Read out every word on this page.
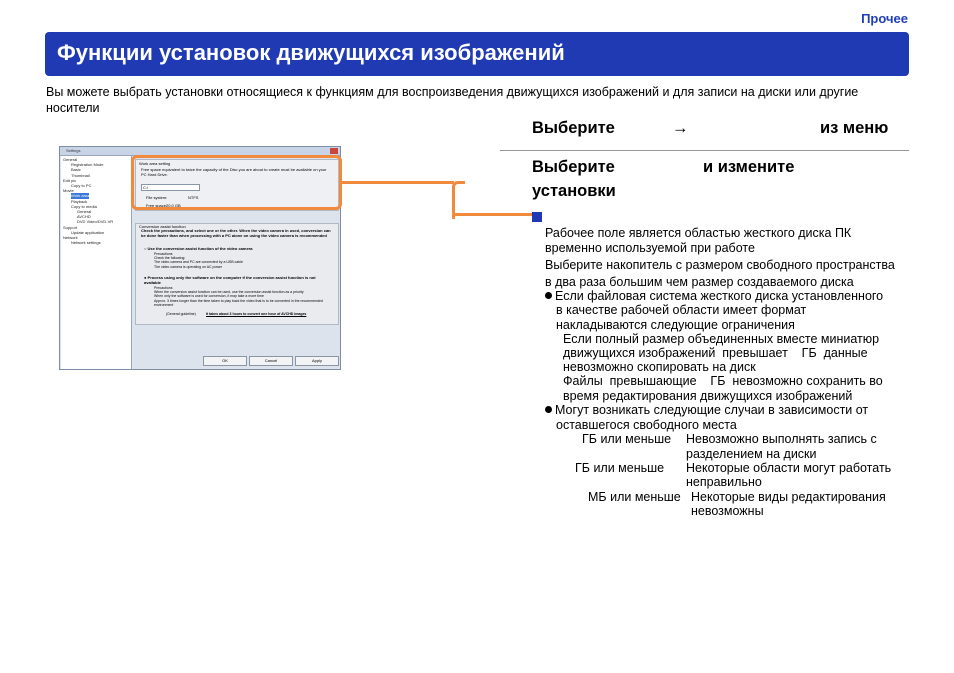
Прочее
Функции установок движущихся изображений
Вы можете выбрать установки относящиеся к функциям для воспроизведения движущихся изображений и для записи на диски или другие носители
Settings
General
Registration Mode
Basic
Thumbnail
Edit pic
Copy to PC
Movie
Work area
Playback
Copy to media
General
AVCHD
DVD Video/DVD-VR
Support
Update application
Network
Network settings
Work area setting
Free space equivalent to twice the capacity of the Disc you are about to create must be available on your PC Hard Drive.
C:\
File system:	NTFS
Free space:
20.0 GB
Conversion assist function
Check the precautions, and select one or the other. When the video camera in used, conversion can be done faster than when processing with a PC alone on using the video camera is recommended
○ Use the conversion assist function of the video camera
Precautions
Check the following:
The video camera and PC are connected by a USB cable
The video camera is operating on AC power
● Process using only the software on the computer if the conversion assist function is not available
Precautions
When the conversion assist function can be used, use the conversion assist function as a priority
When only the software is used for conversion, it may take a more time
Approx. 3 times longer than the time taken to play back the video that is to be converted in the recommended environment
(General guideline)	It takes about 3 hours to convert one hour of AVCHD images
OK	Cancel	Apply
Выберите	→	из меню
Выберите	и измените
установки
Рабочее поле является областью жесткого диска ПК
временно используемой при работе
Выберите накопитель с размером свободного пространства
в два раза большим чем размер создаваемого диска
Если файловая система жесткого диска установленного
в качестве рабочей области имеет формат
накладываются следующие ограничения
Если полный размер объединенных вместе миниатюр
движущихся изображений  превышает    ГБ  данные
невозможно скопировать на диск
Файлы  превышающие    ГБ  невозможно сохранить во
время редактирования движущихся изображений
Могут возникать следующие случаи в зависимости от
оставшегося свободного места
ГБ или меньше Невозможно выполнять запись с
разделением на диски
ГБ или меньше Некоторые области могут работать
неправильно
МБ или меньше Некоторые виды редактирования
невозможны
